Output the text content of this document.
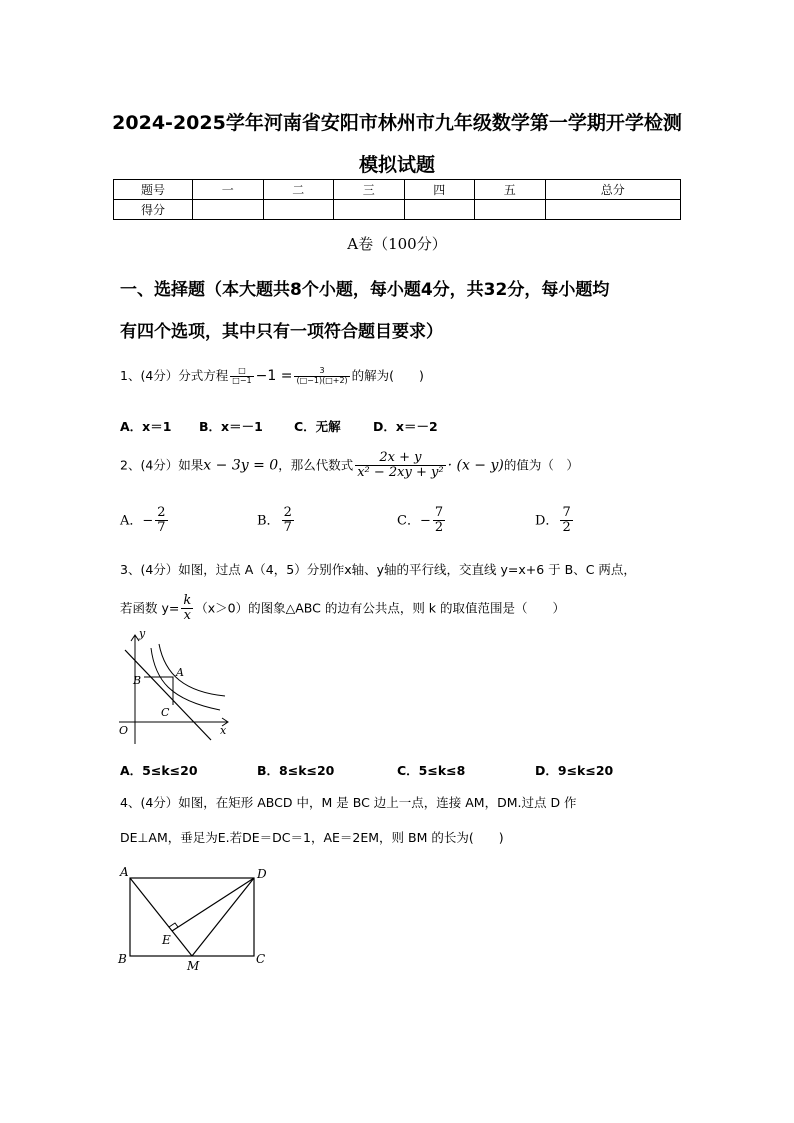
2024-2025学年河南省安阳市林州市九年级数学第一学期开学检测
模拟试题
题号	一	二	三	四	五	总分
得分						
A卷（100分）
一、选择题（本大题共8个小题，每小题4分，共32分，每小题均
有四个选项，其中只有一项符合题目要求）
1、(4分）分式方程 $\frac{□}{□-1} -1 = \frac{3}{(□-1)(□+2)}$ 的解为(　　)
A．x＝1 B．x＝－1 C．无解	D．x＝－2
2、(4分）如果x − 3y = 0，那么代数式 $\frac{2x + y}{\text{x² − 2xy + y²}} \cdot (x - y)$的值为（　）
A．− $\frac{2}{7}$	B． $\frac{2}{7}$	C．− $\frac{7}{2}$	D． $\frac{7}{2}$
3、(4分）如图，过点 A（4，5）分别作x轴、y轴的平行线，交直线 y=x+6 于 B、C 两点，
若函数 $y= \frac{k}{x} (x>0)$的图象△ABC 的边有公共点，则 k 的取值范围是（　　）
y
x
O
A
B
C
A．5≤k≤20	B．8≤k≤20	C．5≤k≤8	D．9≤k≤20
4、(4分）如图，在矩形 ABCD 中，M 是 BC 边上一点，连接 AM，DM.过点 D 作
DE⊥AM，垂足为E.若DE＝DC＝1，AE＝2EM，则 BM 的长为(　　)
A	D
B	C
E
M
